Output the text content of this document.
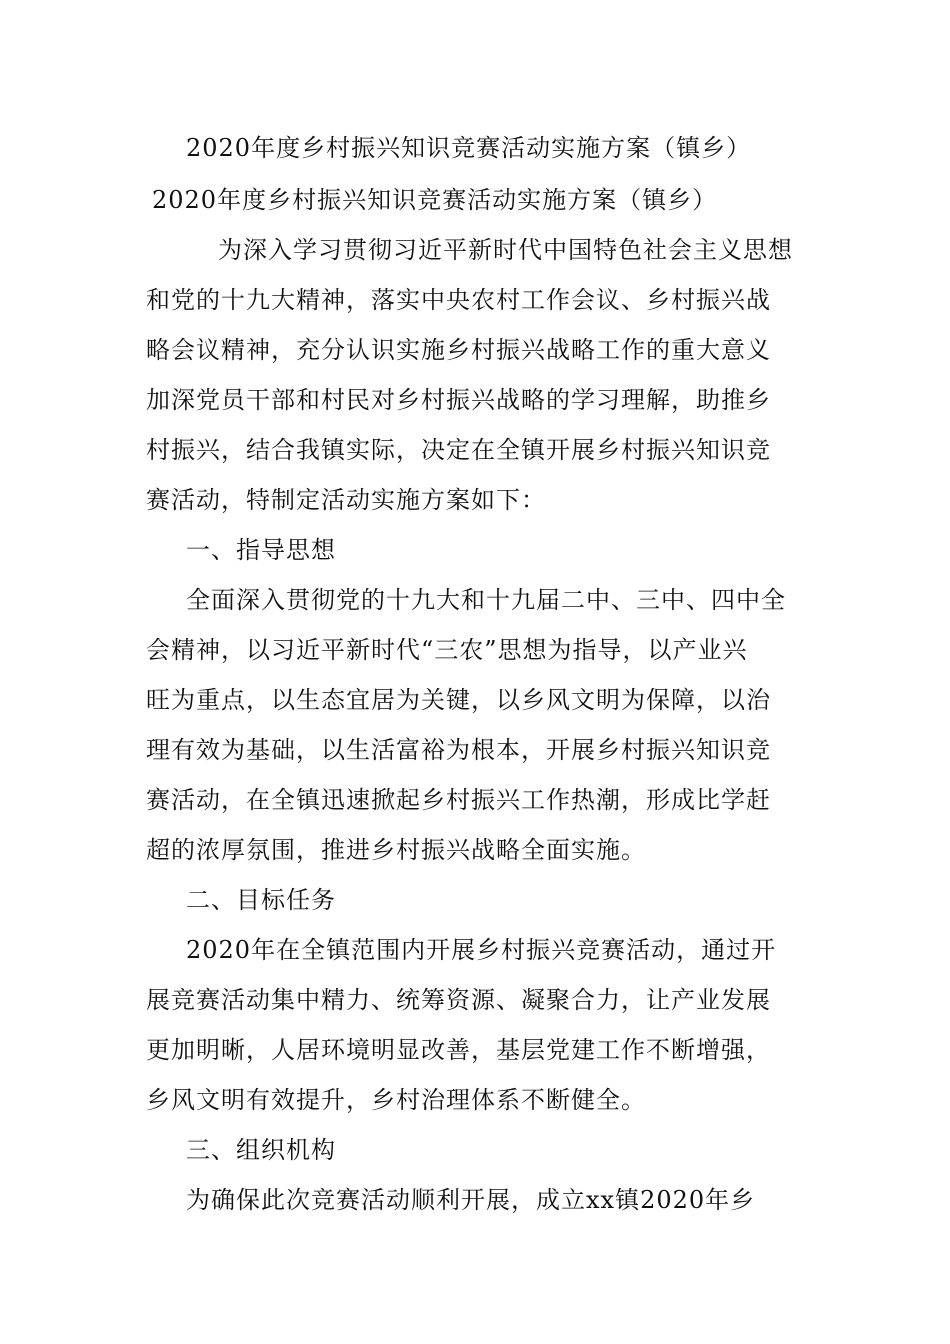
2020年度乡村振兴知识竞赛活动实施方案（镇乡）
2020年度乡村振兴知识竞赛活动实施方案（镇乡）
为深入学习贯彻习近平新时代中国特色社会主义思想
和党的十九大精神，落实中央农村工作会议、乡村振兴战
略会议精神，充分认识实施乡村振兴战略工作的重大意义
加深党员干部和村民对乡村振兴战略的学习理解，助推乡
村振兴，结合我镇实际，决定在全镇开展乡村振兴知识竞
赛活动，特制定活动实施方案如下：
一、指导思想
全面深入贯彻党的十九大和十九届二中、三中、四中全
会精神，以习近平新时代“三农”思想为指导，以产业兴
旺为重点，以生态宜居为关键，以乡风文明为保障，以治
理有效为基础，以生活富裕为根本，开展乡村振兴知识竞
赛活动，在全镇迅速掀起乡村振兴工作热潮，形成比学赶
超的浓厚氛围，推进乡村振兴战略全面实施。
二、目标任务
2020年在全镇范围内开展乡村振兴竞赛活动，通过开
展竞赛活动集中精力、统筹资源、凝聚合力，让产业发展
更加明晰，人居环境明显改善，基层党建工作不断增强，
乡风文明有效提升，乡村治理体系不断健全。
三、组织机构
为确保此次竞赛活动顺利开展，成立xx镇2020年乡
